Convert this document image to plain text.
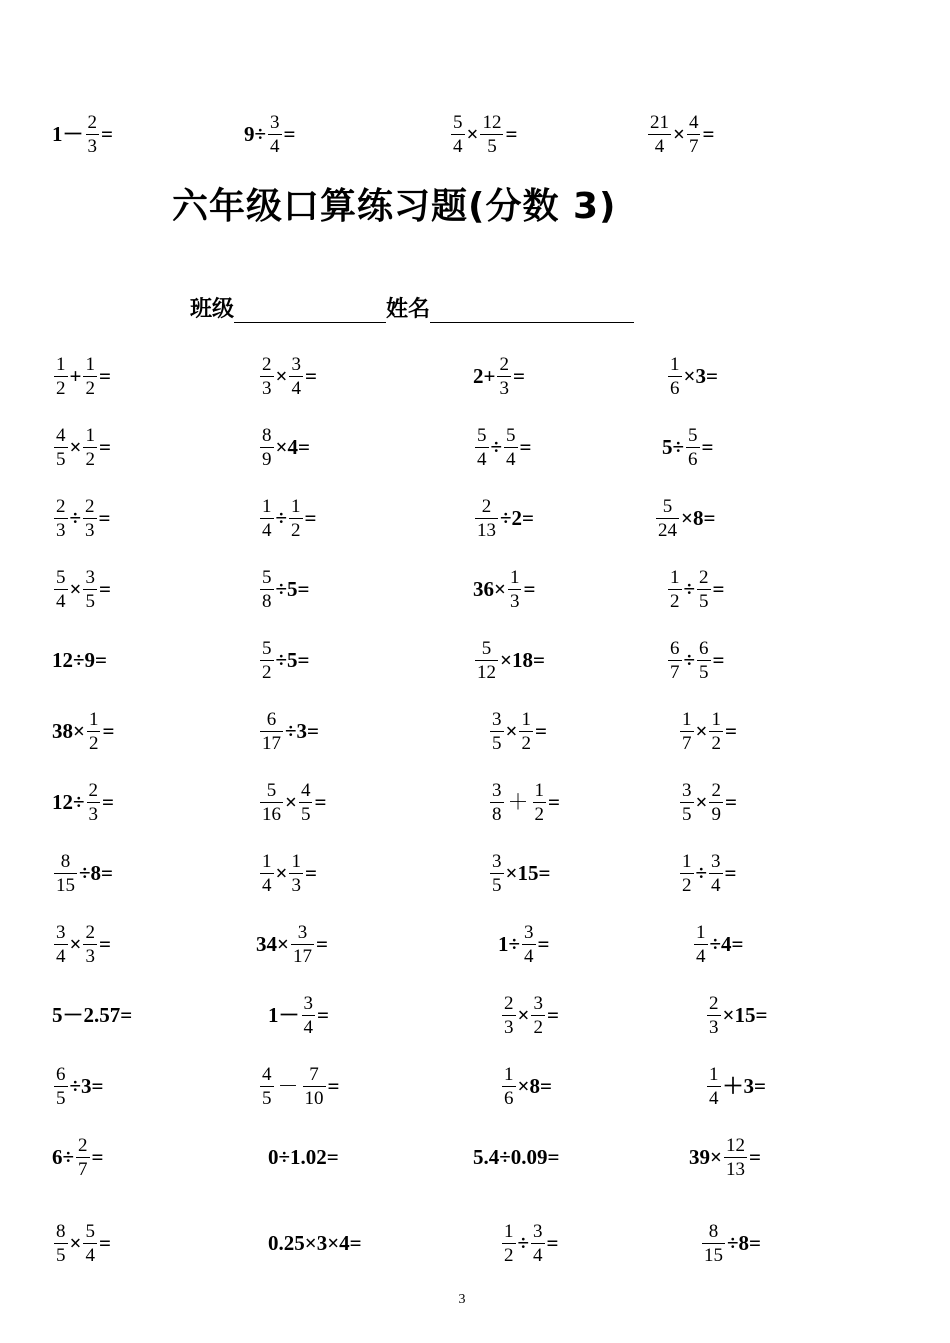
$1- \frac{2}{3}$ =	$9\div \frac{3}{4}$ =	$\frac{5}{4} \times \frac{12}{5}$ =	$\frac{21}{4} \times \frac{4}{7}$ =
六年级口算练习题(分数 3)
班级	姓名
$\frac{1}{2} + \frac{1}{2}$ =	$\frac{2}{3} \times \frac{3}{4}$ =	$2+ \frac{2}{3}$ =	$\frac{1}{6} \times 3=$
$\frac{4}{5} \times \frac{1}{2}$ =	$\frac{8}{9} \times 4=$	$\frac{5}{4} \div \frac{5}{4}$ =	$5\div \frac{5}{6}$ =
$\frac{2}{3} \div \frac{2}{3}$ =	$\frac{1}{4} \div \frac{1}{2}$ =	$\frac{2}{13} \div 2=$	$\frac{5}{24} \times 8=$
$\frac{5}{4} \times \frac{3}{5}$ =	$\frac{5}{8} \div 5=$	$36\times \frac{1}{3}$ =	$\frac{1}{2} \div \frac{2}{5}$ =
12÷9=	$\frac{5}{2} \div 5=$	$\frac{5}{12} \times 18=$	$\frac{6}{7} \div \frac{6}{5}$ =
$38\times \frac{1}{2}$ =	$\frac{6}{17} \div 3=$	$\frac{3}{5} \times \frac{1}{2}$ =	$\frac{1}{7} \times \frac{1}{2}$ =
$12\div \frac{2}{3}$ =	$\frac{5}{16} \times \frac{4}{5}$ =	$\frac{3}{8} + \frac{1}{2}$ =	$\frac{3}{5} \times \frac{2}{9}$ =
$\frac{8}{15} \div 8=$	$\frac{1}{4} \times \frac{1}{3}$ =	$\frac{3}{5} \times 15=$	$\frac{1}{2} \div \frac{3}{4}$ =
$\frac{3}{4} \times \frac{2}{3}$ =	$34\times \frac{3}{17}$ =	$1\div \frac{3}{4}$ =	$\frac{1}{4} \div 4=$
5－2.57=	$1- \frac{3}{4}$ =	$\frac{2}{3} \times \frac{3}{2}$ =	$\frac{2}{3} \times 15=$
$\frac{6}{5} \div 3=$	$\frac{4}{5} - \frac{7}{10}$ =	$\frac{1}{6} \times 8=$	$\frac{1}{4} +3=$
$6\div \frac{2}{7}$ =	0÷1.02=	5.4÷0.09=	$39\times \frac{12}{13}$ =
$\frac{8}{5} \times \frac{5}{4}$ =	0.25×3×4=	$\frac{1}{2} \div \frac{3}{4}$ =	$\frac{8}{15} \div 8=$
3
